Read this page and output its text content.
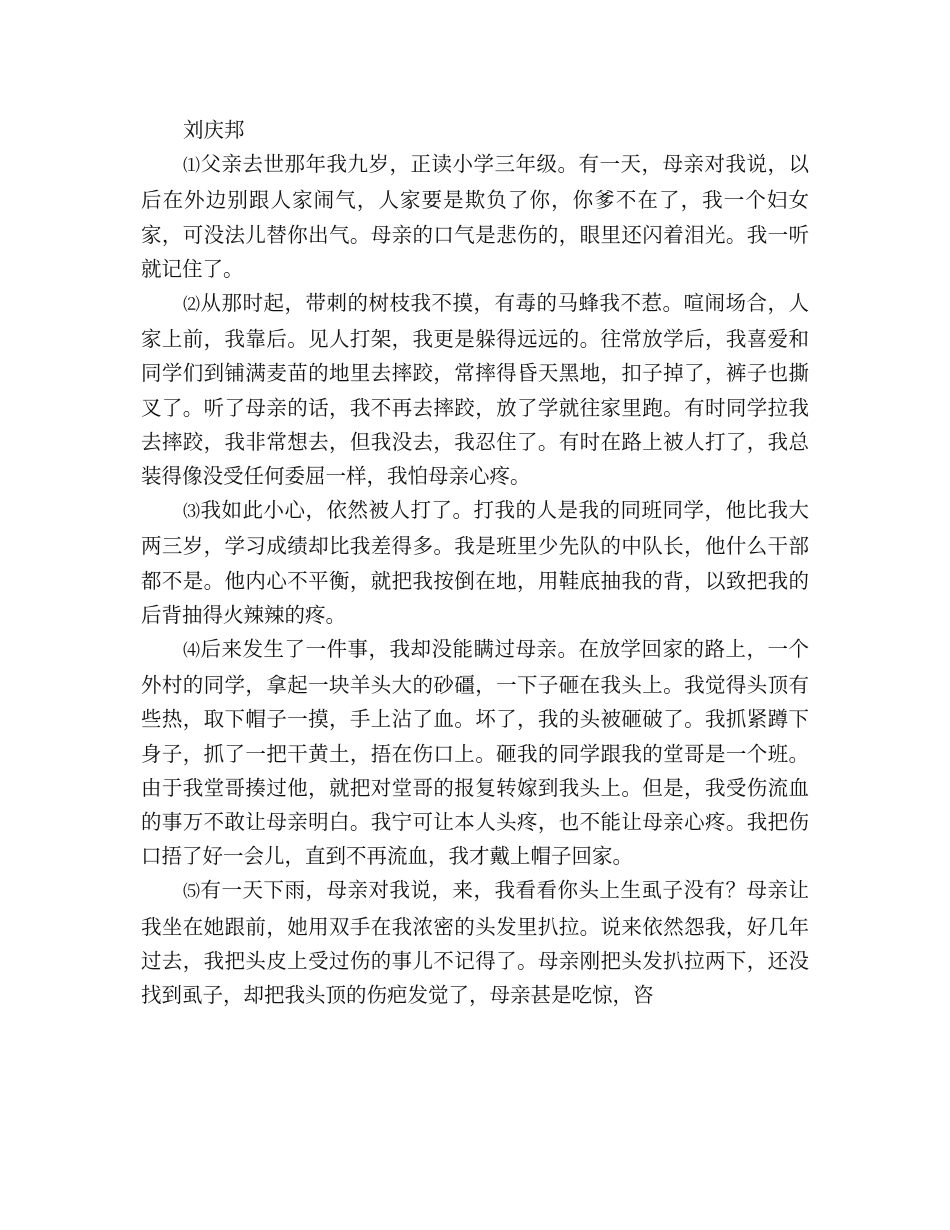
刘庆邦

⑴父亲去世那年我九岁，正读小学三年级。有一天，母亲对我说，以后在外边别跟人家闹气，人家要是欺负了你，你爹不在了，我一个妇女家，可没法儿替你出气。母亲的口气是悲伤的，眼里还闪着泪光。我一听就记住了。

⑵从那时起，带刺的树枝我不摸，有毒的马蜂我不惹。喧闹场合，人家上前，我靠后。见人打架，我更是躲得远远的。往常放学后，我喜爱和同学们到铺满麦苗的地里去摔跤，常摔得昏天黑地，扣子掉了，裤子也撕叉了。听了母亲的话，我不再去摔跤，放了学就往家里跑。有时同学拉我去摔跤，我非常想去，但我没去，我忍住了。有时在路上被人打了，我总装得像没受任何委屈一样，我怕母亲心疼。

⑶我如此小心，依然被人打了。打我的人是我的同班同学，他比我大两三岁，学习成绩却比我差得多。我是班里少先队的中队长，他什么干部都不是。他内心不平衡，就把我按倒在地，用鞋底抽我的背，以致把我的后背抽得火辣辣的疼。

⑷后来发生了一件事，我却没能瞒过母亲。在放学回家的路上，一个外村的同学，拿起一块羊头大的砂礓，一下子砸在我头上。我觉得头顶有些热，取下帽子一摸，手上沾了血。坏了，我的头被砸破了。我抓紧蹲下身子，抓了一把干黄土，捂在伤口上。砸我的同学跟我的堂哥是一个班。由于我堂哥揍过他，就把对堂哥的报复转嫁到我头上。但是，我受伤流血的事万不敢让母亲明白。我宁可让本人头疼，也不能让母亲心疼。我把伤口捂了好一会儿，直到不再流血，我才戴上帽子回家。

⑸有一天下雨，母亲对我说，来，我看看你头上生虱子没有？母亲让我坐在她跟前，她用双手在我浓密的头发里扒拉。说来依然怨我，好几年过去，我把头皮上受过伤的事儿不记得了。母亲刚把头发扒拉两下，还没找到虱子，却把我头顶的伤疤发觉了，母亲甚是吃惊，咨
